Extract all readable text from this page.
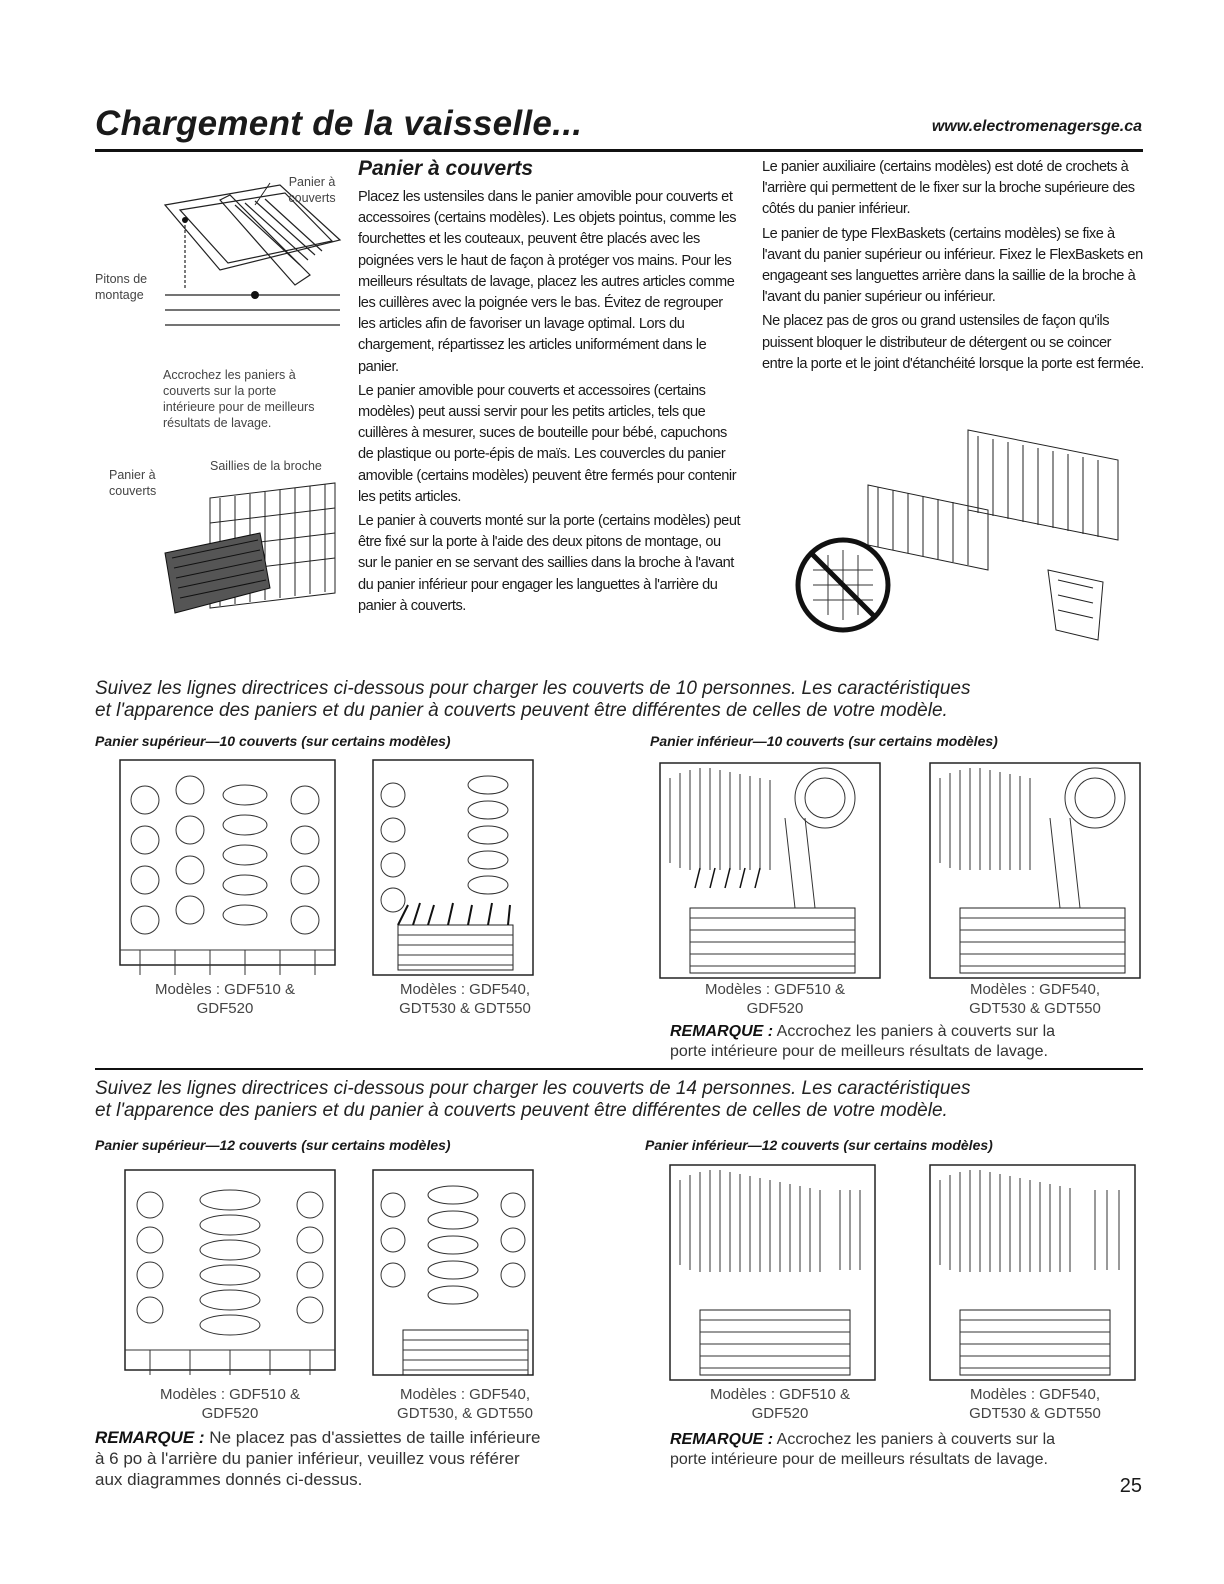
Chargement de la vaisselle...	www.electromenagersge.ca
Panier à couverts
Pitons de montage
Accrochez les paniers à couverts sur la porte intérieure pour de meilleurs résultats de lavage.
Panier à couverts
Saillies de la broche
Panier à couverts

Placez les ustensiles dans le panier amovible pour couverts et accessoires (certains modèles). Les objets pointus, comme les fourchettes et les couteaux, peuvent être placés avec les poignées vers le haut de façon à protéger vos mains. Pour les meilleurs résultats de lavage, placez les autres articles comme les cuillères avec la poignée vers le bas. Évitez de regrouper les articles afin de favoriser un lavage optimal. Lors du chargement, répartissez les articles uniformément dans le panier.

Le panier amovible pour couverts et accessoires (certains modèles) peut aussi servir pour les petits articles, tels que cuillères à mesurer, suces de bouteille pour bébé, capuchons de plastique ou porte-épis de maïs. Les couvercles du panier amovible (certains modèles) peuvent être fermés pour contenir les petits articles.

Le panier à couverts monté sur la porte (certains modèles) peut être fixé sur la porte à l'aide des deux pitons de montage, ou sur le panier en se servant des saillies dans la broche à l'avant du panier inférieur pour engager les languettes à l'arrière du panier à couverts.

Le panier auxiliaire (certains modèles) est doté de crochets à l'arrière qui permettent de le fixer sur la broche supérieure des côtés du panier inférieur.

Le panier de type FlexBaskets (certains modèles) se fixe à l'avant du panier supérieur ou inférieur. Fixez le FlexBaskets en engageant ses languettes arrière dans la saillie de la broche à l'avant du panier supérieur ou inférieur.

Ne placez pas de gros ou grand ustensiles de façon qu'ils puissent bloquer le distributeur de détergent ou se coincer entre la porte et le joint d'étanchéité lorsque la porte est fermée.

Suivez les lignes directrices ci-dessous pour charger les couverts de 10 personnes. Les caractéristiques
et l'apparence des paniers et du panier à couverts peuvent être différentes de celles de votre modèle.
Panier supérieur—10 couverts (sur certains modèles)	Panier inférieur—10 couverts (sur certains modèles)
Modèles : GDF510 &
GDF520
Modèles : GDF540,
GDT530 & GDT550
Modèles : GDF510 &
GDF520
Modèles : GDF540,
GDT530 & GDT550
REMARQUE : Accrochez les paniers à couverts sur la
porte intérieure pour de meilleurs résultats de lavage.
Suivez les lignes directrices ci-dessous pour charger les couverts de 14 personnes. Les caractéristiques
et l'apparence des paniers et du panier à couverts peuvent être différentes de celles de votre modèle.
Panier supérieur—12 couverts (sur certains modèles)	Panier inférieur—12 couverts (sur certains modèles)
Modèles : GDF510 &
GDF520
Modèles : GDF540,
GDT530, & GDT550
Modèles : GDF510 &
GDF520
Modèles : GDF540,
GDT530 & GDT550
REMARQUE : Ne placez pas d'assiettes de taille inférieure
à 6 po à l'arrière du panier inférieur, veuillez vous référer
aux diagrammes donnés ci-dessus.
REMARQUE : Accrochez les paniers à couverts sur la
porte intérieure pour de meilleurs résultats de lavage.
25
